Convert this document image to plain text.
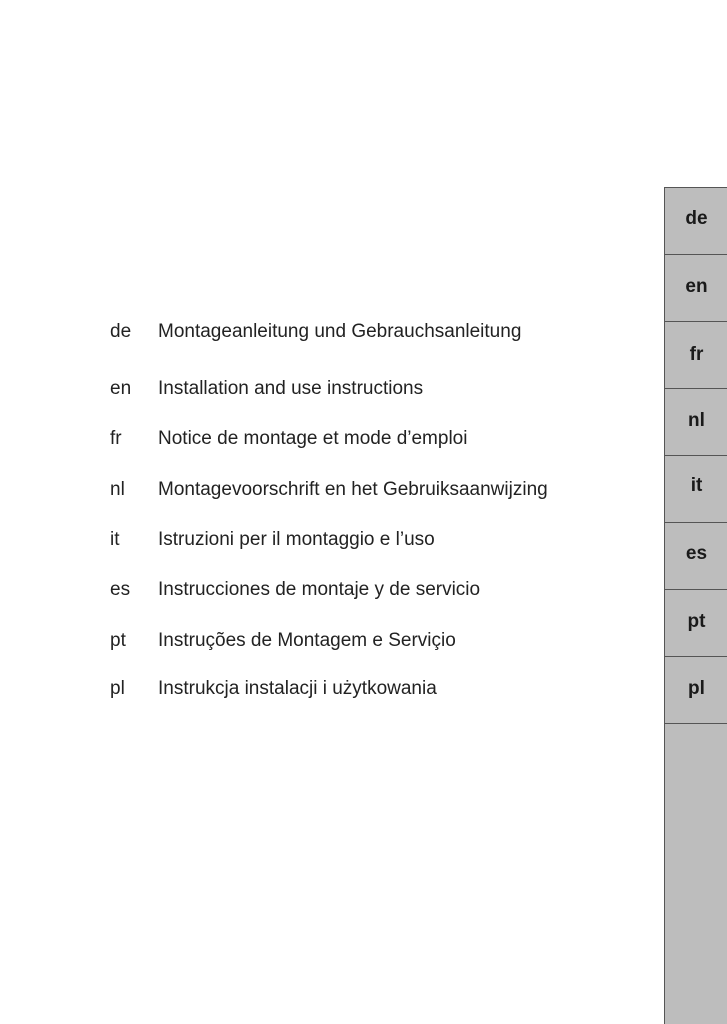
de	Montageanleitung und Gebrauchsanleitung
en	Installation and use instructions
fr	Notice de montage et mode d’emploi
nl	Montagevoorschrift en het Gebruiksaanwijzing
it	Istruzioni per il montaggio e l’uso
es	Instrucciones de montaje y de servicio
pt	Instruções de Montagem e Serviçio
pl	Instrukcja instalacji i użytkowania
de
en
fr
nl
it
es
pt
pl
